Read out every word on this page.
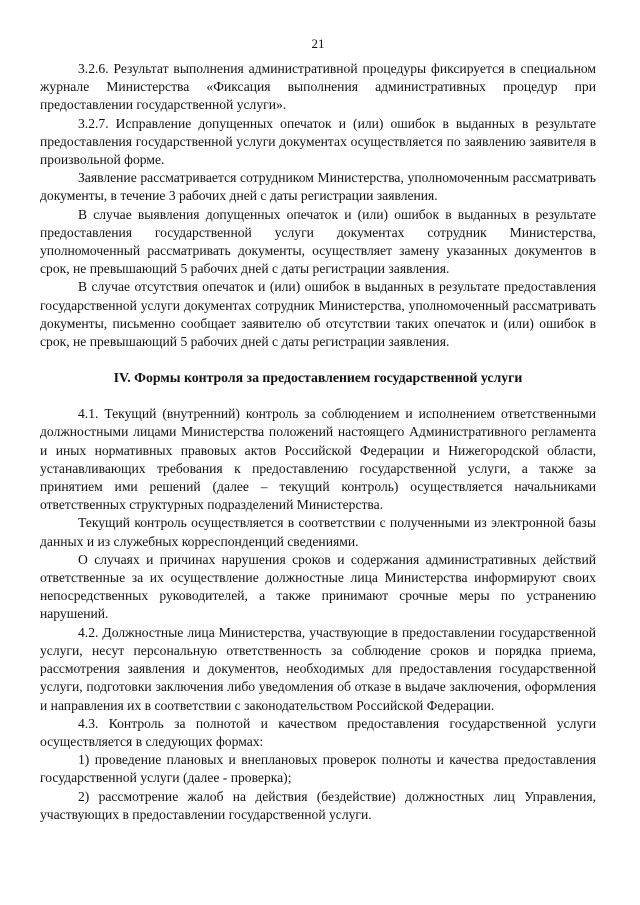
21

3.2.6. Результат выполнения административной процедуры фиксируется в специальном журнале Министерства «Фиксация выполнения административных процедур при предоставлении государственной услуги».

3.2.7. Исправление допущенных опечаток и (или) ошибок в выданных в результате предоставления государственной услуги документах осуществляется по заявлению заявителя в произвольной форме.

Заявление рассматривается сотрудником Министерства, уполномоченным рассматривать документы, в течение 3 рабочих дней с даты регистрации заявления.

В случае выявления допущенных опечаток и (или) ошибок в выданных в результате предоставления государственной услуги документах сотрудник Министерства, уполномоченный рассматривать документы, осуществляет замену указанных документов в срок, не превышающий 5 рабочих дней с даты регистрации заявления.

В случае отсутствия опечаток и (или) ошибок в выданных в результате предоставления государственной услуги документах сотрудник Министерства, уполномоченный рассматривать документы, письменно сообщает заявителю об отсутствии таких опечаток и (или) ошибок в срок, не превышающий 5 рабочих дней с даты регистрации заявления.

IV. Формы контроля за предоставлением государственной услуги

4.1. Текущий (внутренний) контроль за соблюдением и исполнением ответственными должностными лицами Министерства положений настоящего Административного регламента и иных нормативных правовых актов Российской Федерации и Нижегородской области, устанавливающих требования к предоставлению государственной услуги, а также за принятием ими решений (далее – текущий контроль) осуществляется начальниками ответственных структурных подразделений Министерства.

Текущий контроль осуществляется в соответствии с полученными из электронной базы данных и из служебных корреспонденций сведениями.

О случаях и причинах нарушения сроков и содержания административных действий ответственные за их осуществление должностные лица Министерства информируют своих непосредственных руководителей, а также принимают срочные меры по устранению нарушений.

4.2. Должностные лица Министерства, участвующие в предоставлении государственной услуги, несут персональную ответственность за соблюдение сроков и порядка приема, рассмотрения заявления и документов, необходимых для предоставления государственной услуги, подготовки заключения либо уведомления об отказе в выдаче заключения, оформления и направления их в соответствии с законодательством Российской Федерации.

4.3. Контроль за полнотой и качеством предоставления государственной услуги осуществляется в следующих формах:

1) проведение плановых и внеплановых проверок полноты и качества предоставления государственной услуги (далее - проверка);

2) рассмотрение жалоб на действия (бездействие) должностных лиц Управления, участвующих в предоставлении государственной услуги.
